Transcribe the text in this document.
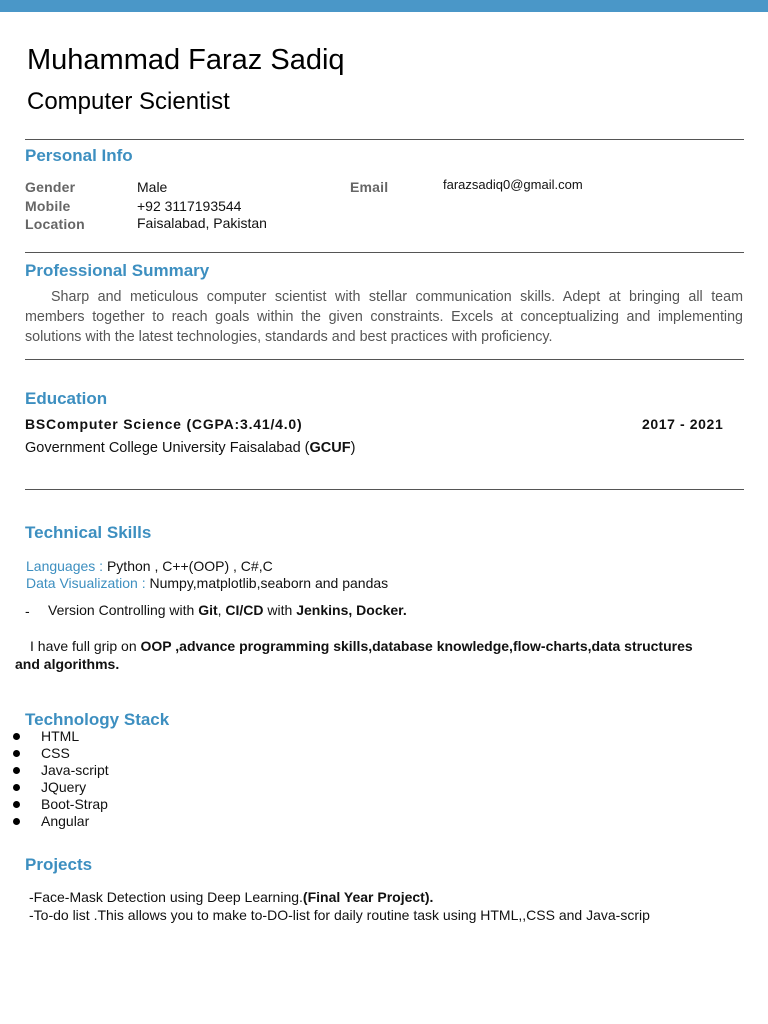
Muhammad Faraz Sadiq
Computer Scientist
Personal Info
Gender	Male	Email	farazsadiq0@gmail.com
Mobile	+92 3117193544
Location	Faisalabad, Pakistan
Professional Summary

Sharp and meticulous computer scientist with stellar communication skills. Adept at bringing all team members together to reach goals within the given constraints. Excels at conceptualizing and implementing solutions with the latest technologies, standards and best practices with proficiency.

Education
BSComputer Science (CGPA:3.41/4.0)	2017 - 2021
Government College University Faisalabad (GCUF)
Technical Skills
Languages : Python , C++(OOP) , C#,C
Data Visualization : Numpy,matplotlib,seaborn and pandas
- Version Controlling with Git, CI/CD with Jenkins, Docker.
I have full grip on OOP ,advance programming skills,database knowledge,flow-charts,data structures and algorithms.
Technology Stack
HTML
CSS
Java-script
JQuery
Boot-Strap
Angular
Projects
-Face-Mask Detection using Deep Learning.(Final Year Project).
-To-do list .This allows you to make to-DO-list for daily routine task using HTML,,CSS and Java-scrip
